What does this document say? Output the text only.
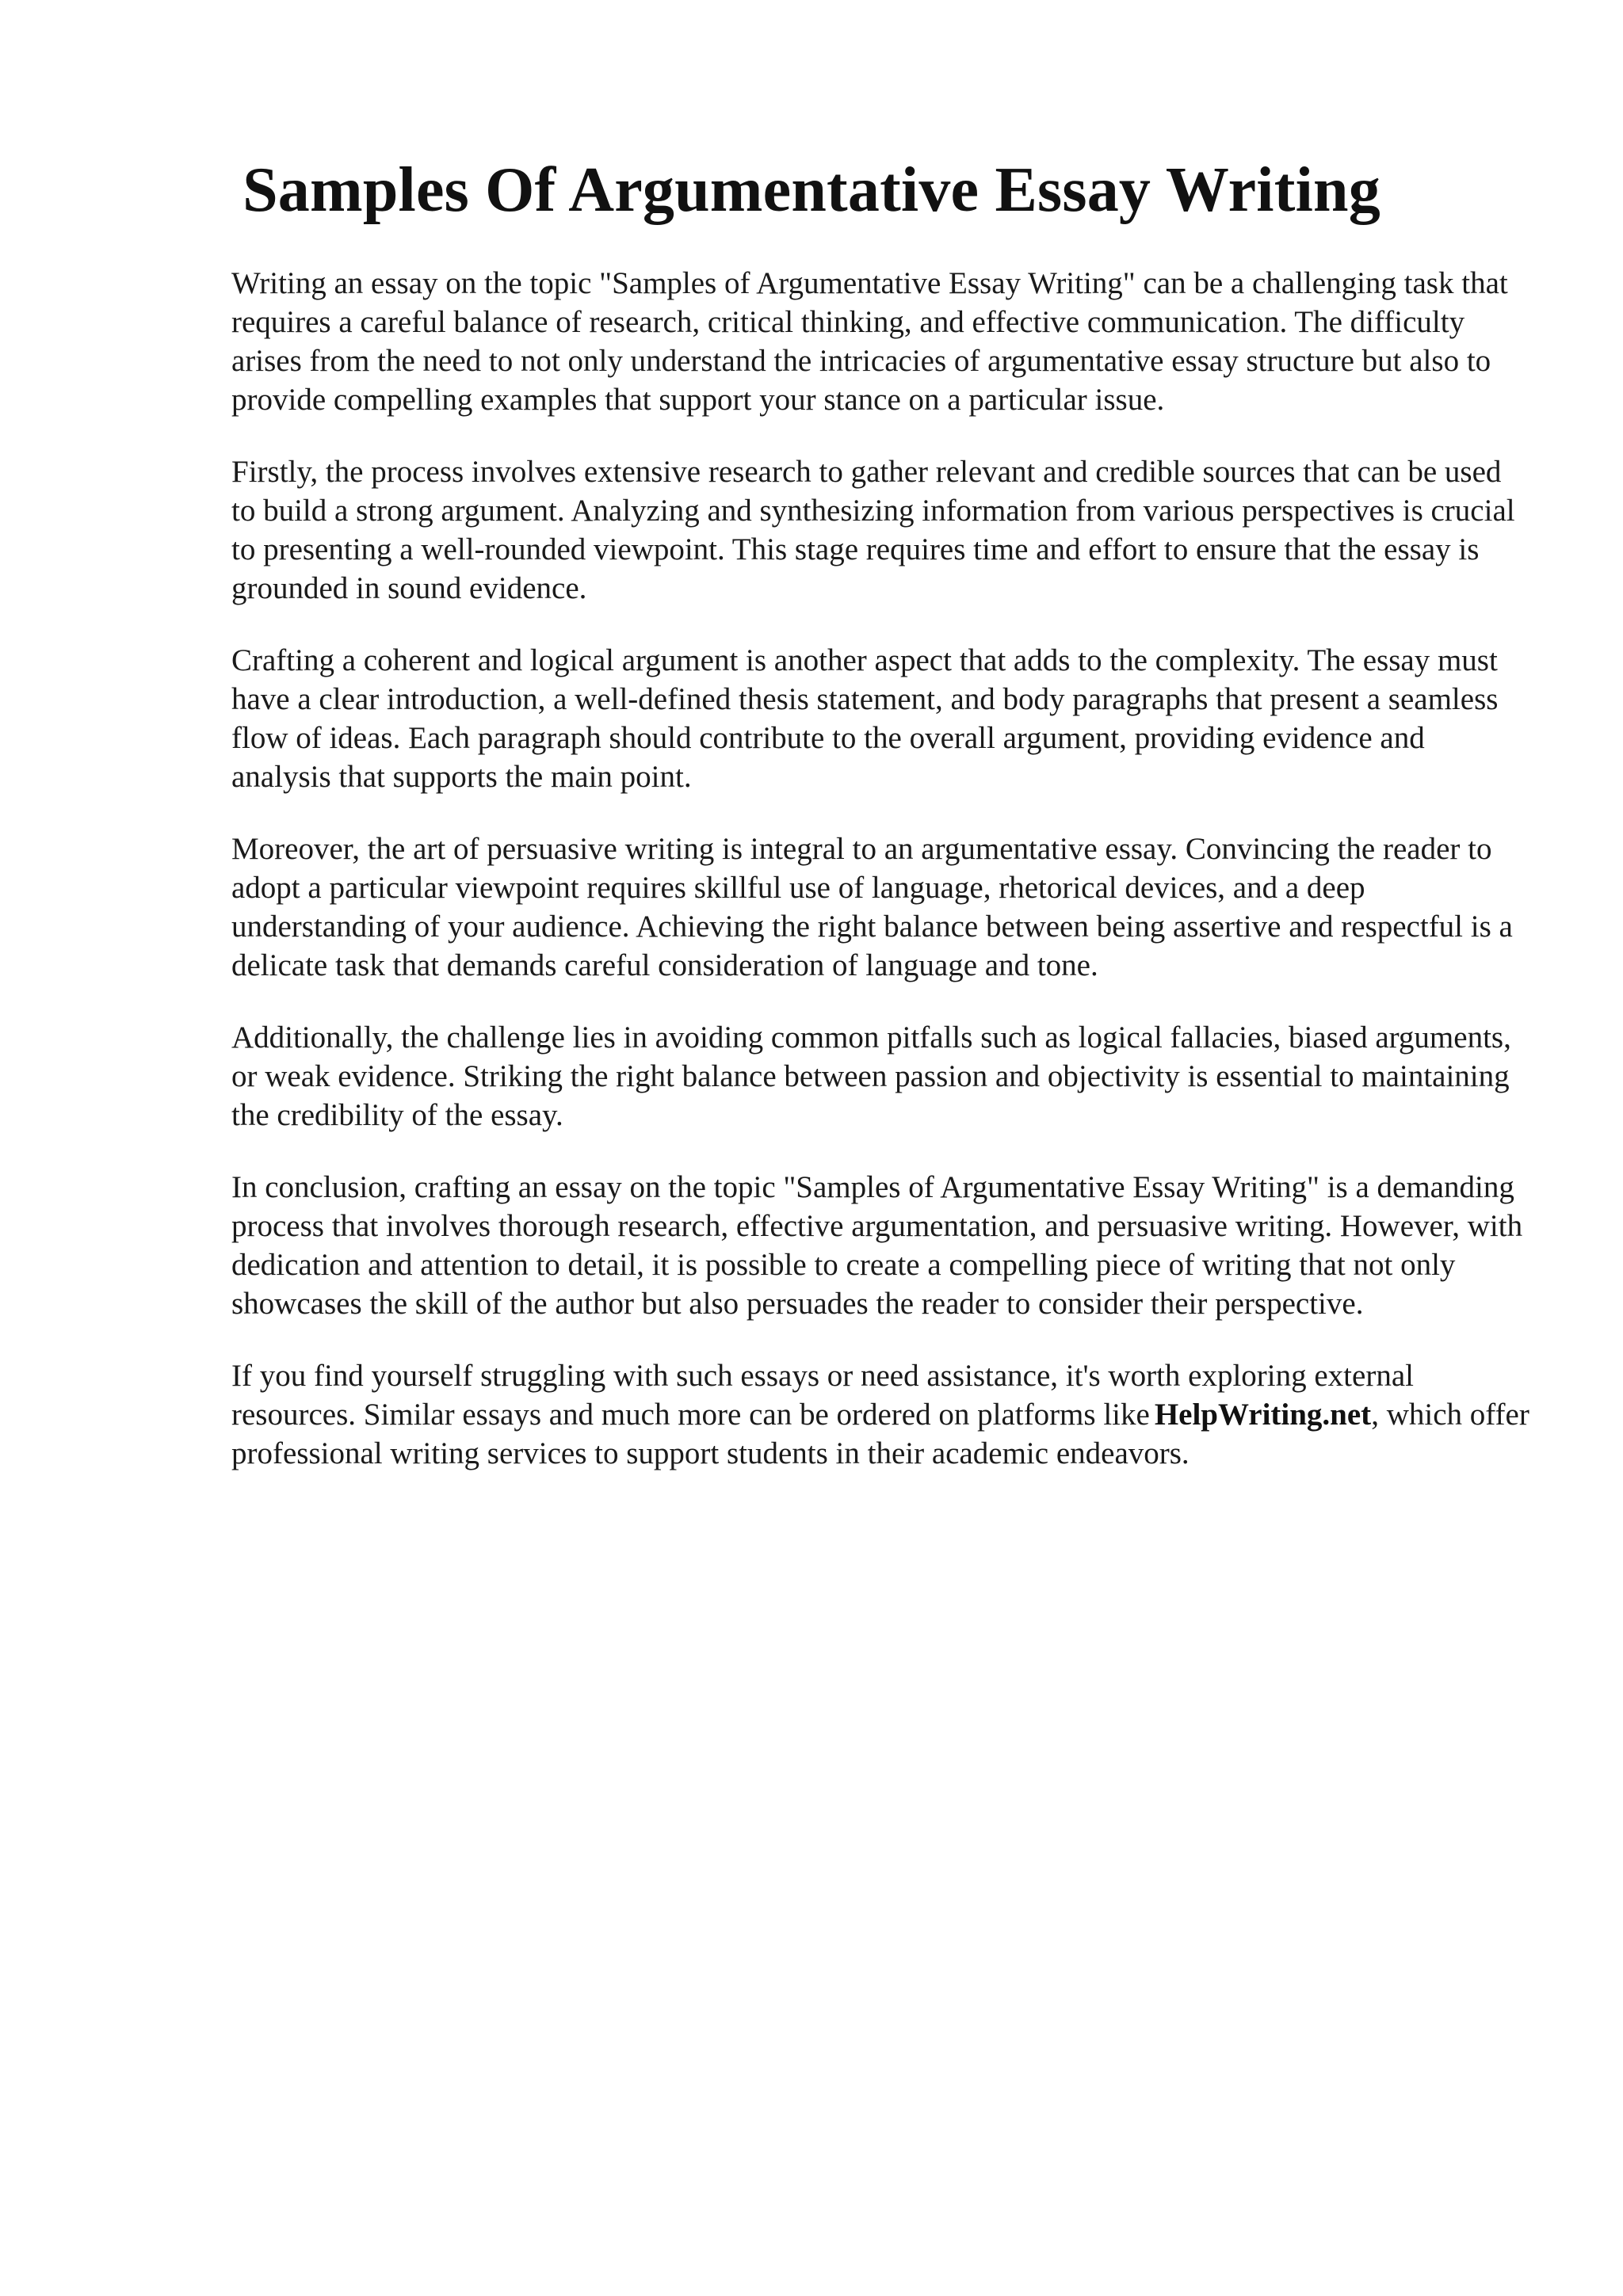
Samples Of Argumentative Essay Writing

Writing an essay on the topic "Samples of Argumentative Essay Writing" can be a challenging task that requires a careful balance of research, critical thinking, and effective communication. The difficulty arises from the need to not only understand the intricacies of argumentative essay structure but also to provide compelling examples that support your stance on a particular issue.

Firstly, the process involves extensive research to gather relevant and credible sources that can be used to build a strong argument. Analyzing and synthesizing information from various perspectives is crucial to presenting a well-rounded viewpoint. This stage requires time and effort to ensure that the essay is grounded in sound evidence.

Crafting a coherent and logical argument is another aspect that adds to the complexity. The essay must have a clear introduction, a well-defined thesis statement, and body paragraphs that present a seamless flow of ideas. Each paragraph should contribute to the overall argument, providing evidence and analysis that supports the main point.

Moreover, the art of persuasive writing is integral to an argumentative essay. Convincing the reader to adopt a particular viewpoint requires skillful use of language, rhetorical devices, and a deep understanding of your audience. Achieving the right balance between being assertive and respectful is a delicate task that demands careful consideration of language and tone.

Additionally, the challenge lies in avoiding common pitfalls such as logical fallacies, biased arguments, or weak evidence. Striking the right balance between passion and objectivity is essential to maintaining the credibility of the essay.

In conclusion, crafting an essay on the topic "Samples of Argumentative Essay Writing" is a demanding process that involves thorough research, effective argumentation, and persuasive writing. However, with dedication and attention to detail, it is possible to create a compelling piece of writing that not only showcases the skill of the author but also persuades the reader to consider their perspective.

If you find yourself struggling with such essays or need assistance, it's worth exploring external resources. Similar essays and much more can be ordered on platforms like HelpWriting.net, which offer professional writing services to support students in their academic endeavors.
